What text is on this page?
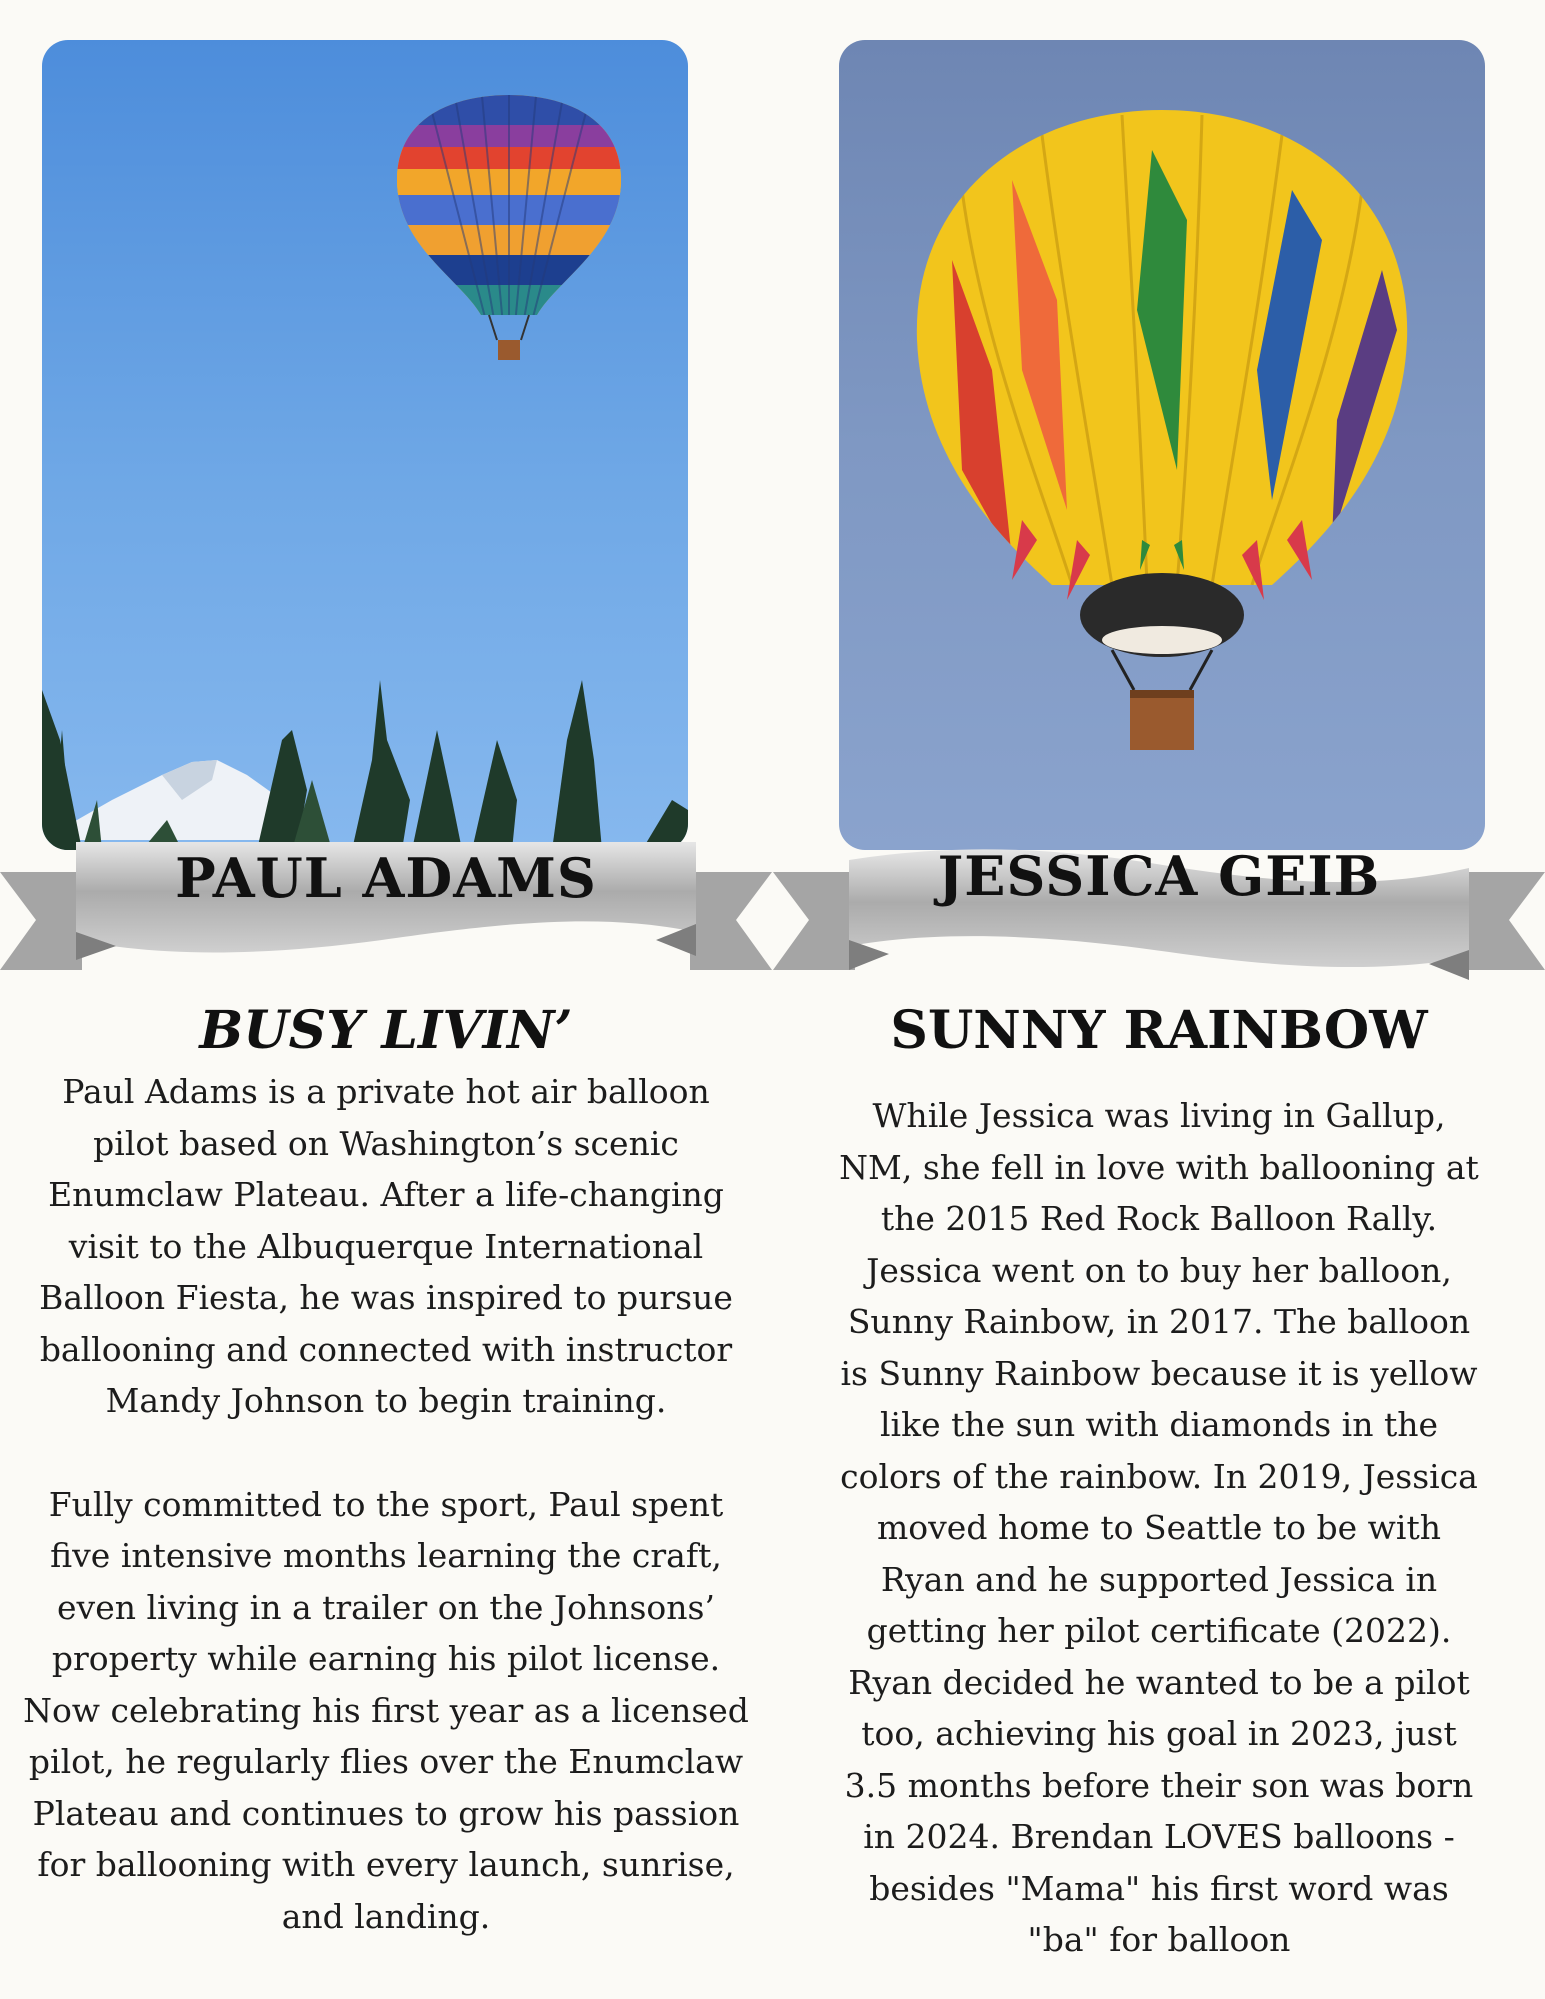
PAUL ADAMS
BUSY LIVIN’

Paul Adams is a private hot air balloon
pilot based on Washington’s scenic
Enumclaw Plateau. After a life-changing
visit to the Albuquerque International
Balloon Fiesta, he was inspired to pursue
ballooning and connected with instructor
Mandy Johnson to begin training.

Fully committed to the sport, Paul spent
five intensive months learning the craft,
even living in a trailer on the Johnsons’
property while earning his pilot license.
Now celebrating his first year as a licensed
pilot, he regularly flies over the Enumclaw
Plateau and continues to grow his passion
for ballooning with every launch, sunrise,
and landing.

JESSICA GEIB
SUNNY RAINBOW

While Jessica was living in Gallup,
NM, she fell in love with ballooning at
the 2015 Red Rock Balloon Rally.
Jessica went on to buy her balloon,
Sunny Rainbow, in 2017. The balloon
is Sunny Rainbow because it is yellow
like the sun with diamonds in the
colors of the rainbow. In 2019, Jessica
moved home to Seattle to be with
Ryan and he supported Jessica in
getting her pilot certificate (2022).
Ryan decided he wanted to be a pilot
too, achieving his goal in 2023, just
3.5 months before their son was born
in 2024. Brendan LOVES balloons -
besides "Mama" his first word was
"ba" for balloon
